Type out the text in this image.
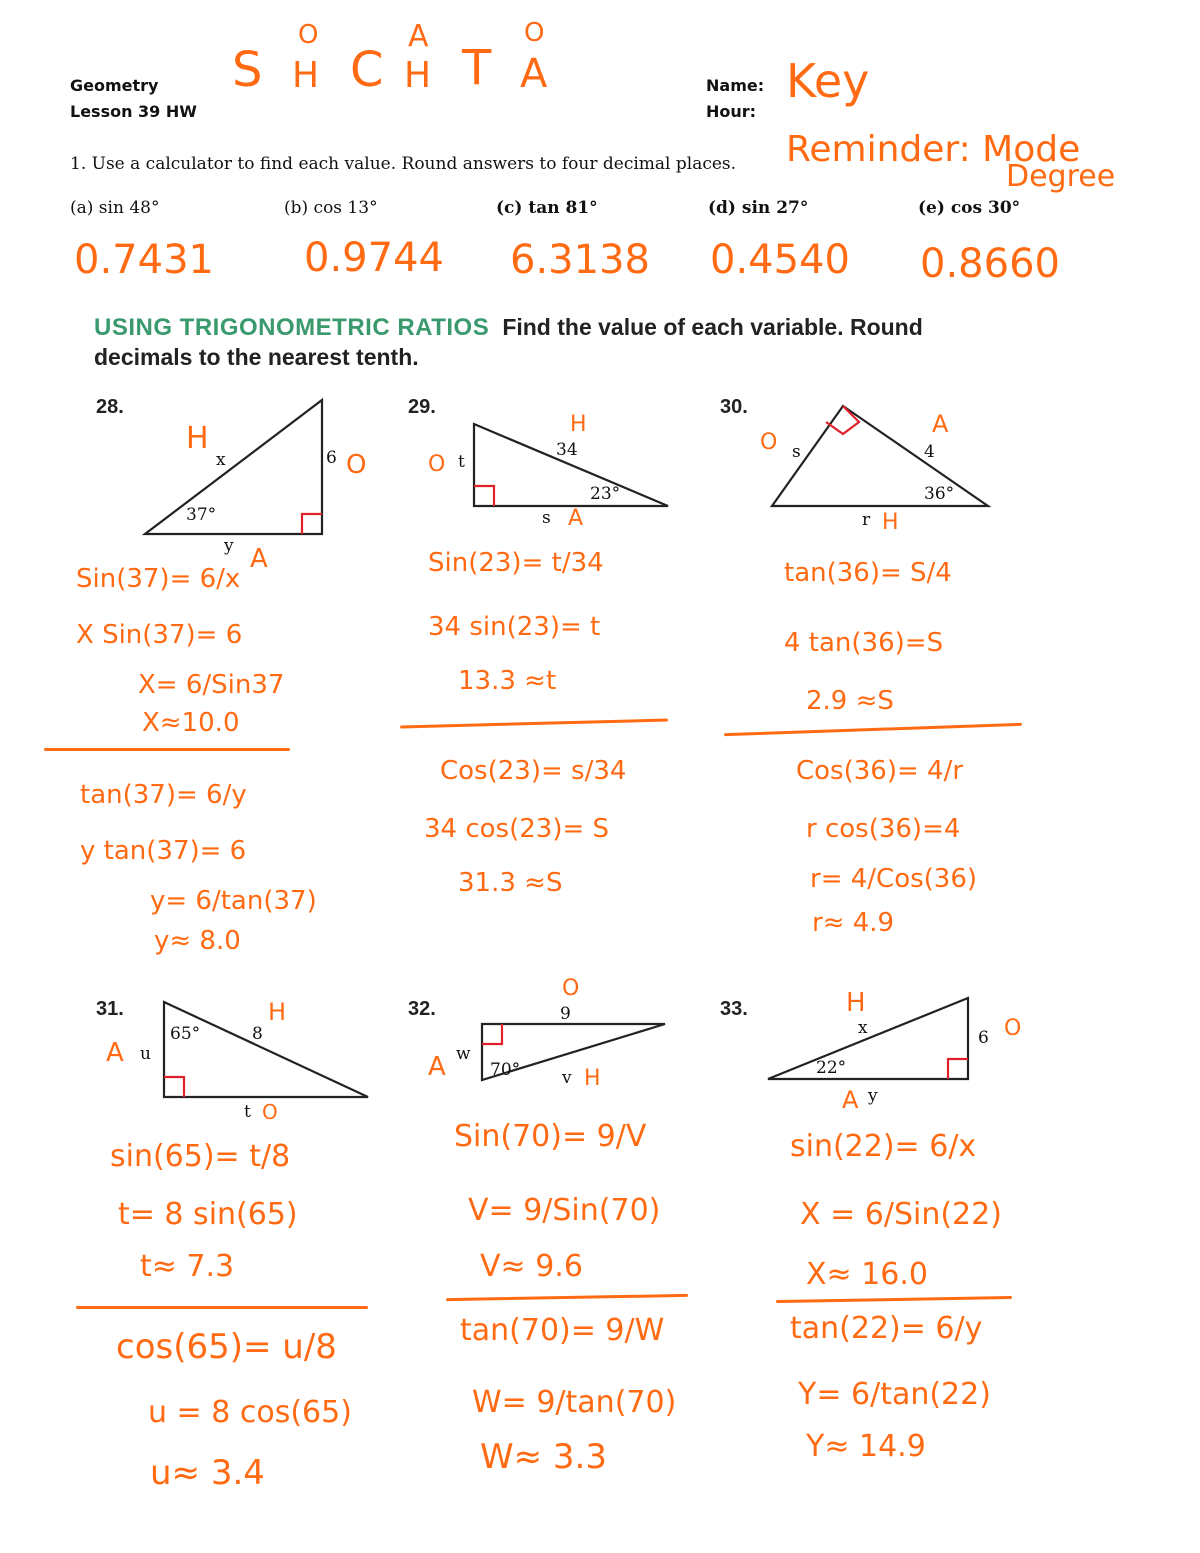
Geometry
Lesson 39 HW
Name:
Hour:
Key
S
O
H C
A
H T
O
A
1. Use a calculator to find each value. Round answers to four decimal places. Reminder: Mode
Degree
(a) sin 48°	(b) cos 13°	(c) tan 81°	(d) sin 27°	(e) cos 30°
0.7431 0.9744 6.3138 0.4540 0.8660
USING TRIGONOMETRIC RATIOS Find the value of each variable. Round
decimals to the nearest tenth.
28.
x	6
37°
y
H
O
A
Sin(37)= 6/x
X Sin(37)= 6
X= 6/Sin37
X≈10.0
tan(37)= 6/y
y tan(37)= 6
y= 6/tan(37)
y≈ 8.0
29.
t
34
23°
s
H
O
A
Sin(23)= t/34
34 sin(23)= t
13.3 ≈t
Cos(23)= s/34
34 cos(23)= S
31.3 ≈S
30.
s	4
36°
r
O
A
H
tan(36)= S/4
4 tan(36)=S
2.9 ≈S
Cos(36)= 4/r
r cos(36)=4
r= 4/Cos(36)
r≈ 4.9
31.
u
65°	8
t
A
H
O
sin(65)= t/8
t= 8 sin(65)
t≈ 7.3
cos(65)= u/8
u = 8 cos(65)
u≈ 3.4
32.	9
w
70° v
O
A	H
Sin(70)= 9/V
V= 9/Sin(70)
V≈ 9.6
tan(70)= 9/W
W= 9/tan(70)
W≈ 3.3
33.
x	6
22°
y
H
O
A
sin(22)= 6/x
X = 6/Sin(22)
X≈ 16.0
tan(22)= 6/y
Y= 6/tan(22)
Y≈ 14.9
